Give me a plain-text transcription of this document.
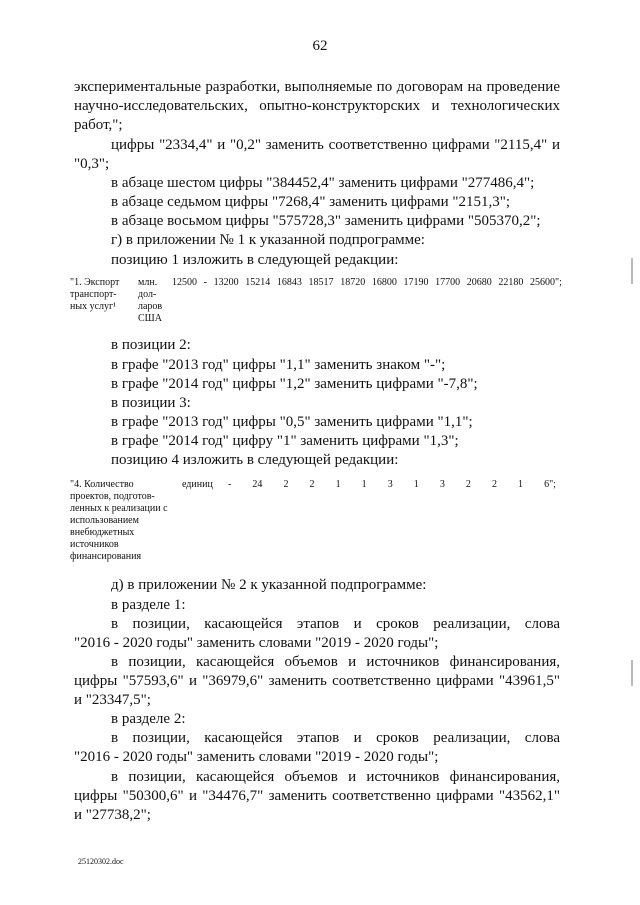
62
экспериментальные разработки, выполняемые по договорам на проведение
научно-исследовательских, опытно-конструкторских и технологических
работ,";
цифры "2334,4" и "0,2" заменить соответственно цифрами "2115,4" и
"0,3";
в абзаце шестом цифры "384452,4" заменить цифрами "277486,4";
в абзаце седьмом цифры "7268,4" заменить цифрами "2151,3";
в абзаце восьмом цифры "575728,3" заменить цифрами "505370,2";
г) в приложении № 1 к указанной подпрограмме:
позицию 1 изложить в следующей редакции:
"1. Экспорт
транспорт-
ных услуг¹
млн.
дол-
ларов
США
12500 - 13200 15214 16843 18517 18720 16800 17190 17700 20680 22180 25600";
в позиции 2:
в графе "2013 год" цифры "1,1" заменить знаком "-";
в графе "2014 год" цифры "1,2" заменить цифрами "-7,8";
в позиции 3:
в графе "2013 год" цифры "0,5" заменить цифрами "1,1";
в графе "2014 год" цифру "1" заменить цифрами "1,3";
позицию 4 изложить в следующей редакции:
"4. Количество
проектов, подготов-
ленных к реализации с
использованием
внебюджетных
источников
финансирования
единиц - 24 2 2 1 1 3 1 3 2 2 1 6";
д) в приложении № 2 к указанной подпрограмме:
в разделе 1:
в позиции, касающейся этапов и сроков реализации, слова
"2016 - 2020 годы" заменить словами "2019 - 2020 годы";
в позиции, касающейся объемов и источников финансирования,
цифры "57593,6" и "36979,6" заменить соответственно цифрами "43961,5"
и "23347,5";
в разделе 2:
в позиции, касающейся этапов и сроков реализации, слова
"2016 - 2020 годы" заменить словами "2019 - 2020 годы";
в позиции, касающейся объемов и источников финансирования,
цифры "50300,6" и "34476,7" заменить соответственно цифрами "43562,1"
и "27738,2";
25120302.doc
